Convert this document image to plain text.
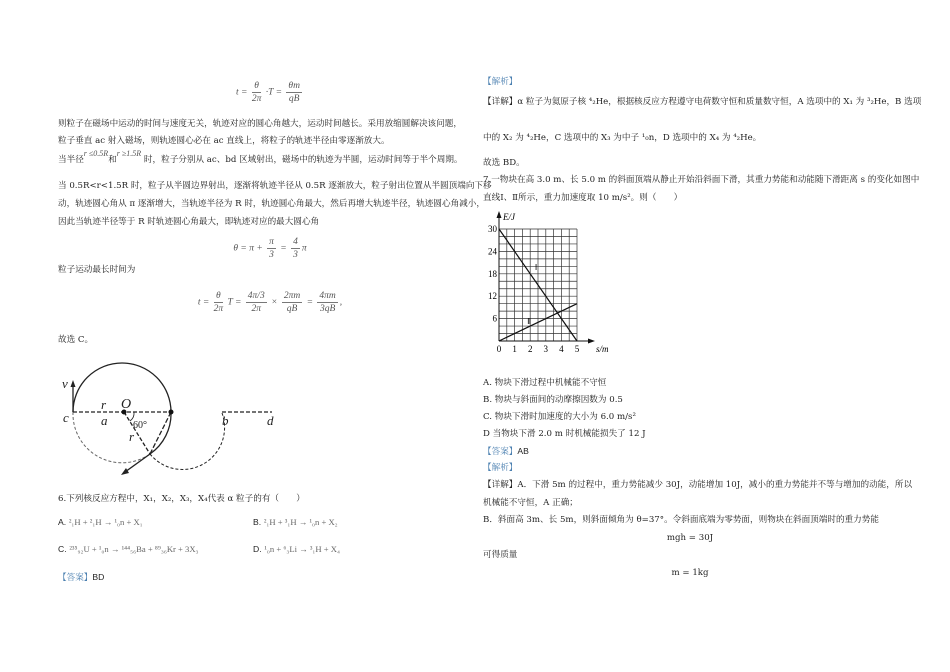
$t = \frac{\theta}{2\pi} \cdot T = \frac{\theta m}{qB}$
则粒子在磁场中运动的时间与速度无关，轨迹对应的圆心角越大，运动时间越长。采用放缩圆解决该问题，
粒子垂直 ac 射入磁场，则轨迹圆心必在 ac 直线上，将粒子的轨迹半径由零逐渐放大。
当半径r ≤0.5R和r ≥1.5R 时，粒子分别从 ac、bd 区域射出，磁场中的轨迹为半圆，运动时间等于半个周期。
当 0.5R<r<1.5R 时，粒子从半圆边界射出，逐渐将轨迹半径从 0.5R 逐渐放大，粒子射出位置从半圆顶端向下移
动，轨迹圆心角从 π 逐渐增大，当轨迹半径为 R 时，轨迹圆心角最大，然后再增大轨迹半径，轨迹圆心角减小，
因此当轨迹半径等于 R 时轨迹圆心角最大，即轨迹对应的最大圆心角
$\theta = \pi + \frac{\pi}{3} = \frac{4}{3}$ π
粒子运动最长时间为
$t = \frac{\theta}{2\pi}$ $T = \frac{4\pi/3}{2\pi} \times \frac{2\pi m}{qB} = \frac{4\pi m}{3qB}$ ,
故选 C。
v
c
r
a
O
60°
r
b	d
6.下列核反应方程中，X₁，X₂，X₃，X₄代表 α 粒子的有（　　）
A. ²₁H + ²₁H → ¹₀n + X₁	B. ²₁H + ³₁H → ¹₀n + X₂
C. ²³⁵₉₂U + ¹₀n → ¹⁴⁴₅₆Ba + ⁸⁹₃₆Kr + 3X₃	D. ¹₀n + ⁶₃Li → ³₁H + X₄
【答案】BD
【解析】
【详解】α 粒子为氦原子核 ⁴₂He，根据核反应方程遵守电荷数守恒和质量数守恒，A 选项中的 X₁ 为 ³₂He，B 选项
中的 X₂ 为 ⁴₂He，C 选项中的 X₃ 为中子 ¹₀n，D 选项中的 X₄ 为 ⁴₂He。
故选 BD。
7.一物块在高 3.0 m、长 5.0 m 的斜面顶端从静止开始沿斜面下滑，其重力势能和动能随下滑距离 s 的变化如图中
直线Ⅰ、Ⅱ所示，重力加速度取 10 m/s²。则（　　）
0 1 2 3 4 5
6
12
18
24
30
s/m
E/J
Ⅰ
Ⅱ
A. 物块下滑过程中机械能不守恒
B. 物块与斜面间的动摩擦因数为 0.5
C. 物块下滑时加速度的大小为 6.0 m/s²
D 当物块下滑 2.0 m 时机械能损失了 12 J
【答案】AB
【解析】
【详解】A．下滑 5m 的过程中，重力势能减少 30J，动能增加 10J，减小的重力势能并不等与增加的动能，所以
机械能不守恒，A 正确；
B．斜面高 3m、长 5m，则斜面倾角为 θ=37°。令斜面底端为零势面，则物块在斜面顶端时的重力势能
mgh = 30J
可得质量
m = 1kg
